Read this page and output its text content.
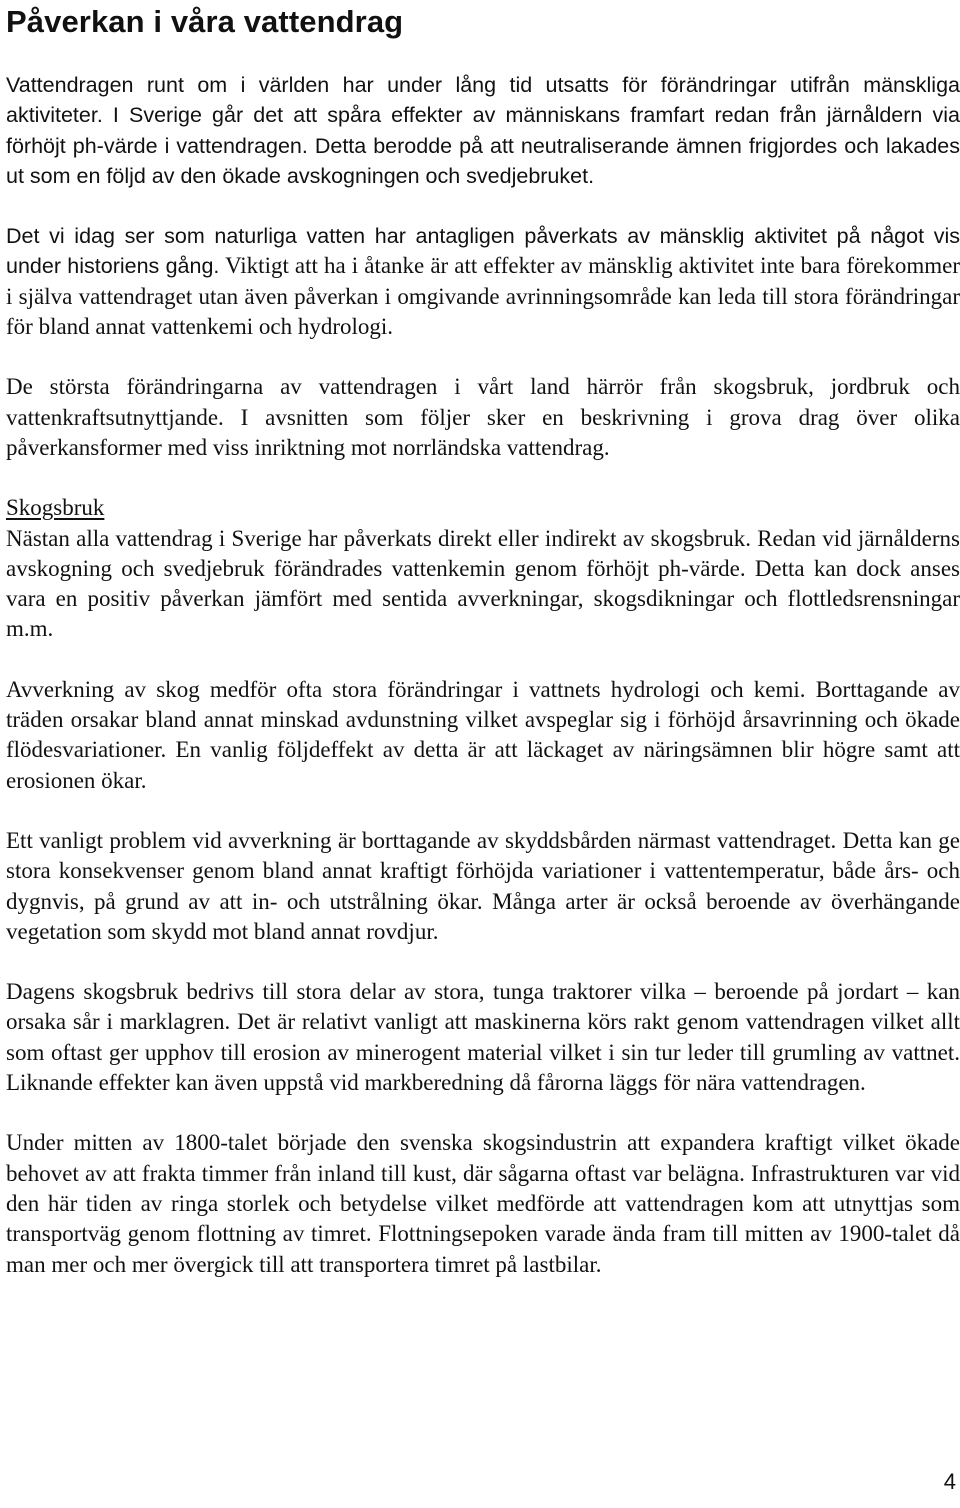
Påverkan i våra vattendrag

Vattendragen runt om i världen har under lång tid utsatts för förändringar utifrån mänskliga aktiviteter. I Sverige går det att spåra effekter av människans framfart redan från järnåldern via förhöjt ph-värde i vattendragen. Detta berodde på att neutraliserande ämnen frigjordes och lakades ut som en följd av den ökade avskogningen och svedjebruket.

Det vi idag ser som naturliga vatten har antagligen påverkats av mänsklig aktivitet på något vis under historiens gång. Viktigt att ha i åtanke är att effekter av mänsklig aktivitet inte bara förekommer i själva vattendraget utan även påverkan i omgivande avrinningsområde kan leda till stora förändringar för bland annat vattenkemi och hydrologi.

De största förändringarna av vattendragen i vårt land härrör från skogsbruk, jordbruk och vattenkraftsutnyttjande. I avsnitten som följer sker en beskrivning i grova drag över olika påverkansformer med viss inriktning mot norrländska vattendrag.

Skogsbruk

Nästan alla vattendrag i Sverige har påverkats direkt eller indirekt av skogsbruk. Redan vid järnålderns avskogning och svedjebruk förändrades vattenkemin genom förhöjt ph-värde. Detta kan dock anses vara en positiv påverkan jämfört med sentida avverkningar, skogsdikningar och flottledsrensningar m.m.

Avverkning av skog medför ofta stora förändringar i vattnets hydrologi och kemi. Borttagande av träden orsakar bland annat minskad avdunstning vilket avspeglar sig i förhöjd årsavrinning och ökade flödesvariationer. En vanlig följdeffekt av detta är att läckaget av näringsämnen blir högre samt att erosionen ökar.

Ett vanligt problem vid avverkning är borttagande av skyddsbården närmast vattendraget. Detta kan ge stora konsekvenser genom bland annat kraftigt förhöjda variationer i vattentemperatur, både års- och dygnvis, på grund av att in- och utstrålning ökar. Många arter är också beroende av överhängande vegetation som skydd mot bland annat rovdjur.

Dagens skogsbruk bedrivs till stora delar av stora, tunga traktorer vilka – beroende på jordart – kan orsaka sår i marklagren. Det är relativt vanligt att maskinerna körs rakt genom vattendragen vilket allt som oftast ger upphov till erosion av minerogent material vilket i sin tur leder till grumling av vattnet. Liknande effekter kan även uppstå vid markberedning då fårorna läggs för nära vattendragen.

Under mitten av 1800-talet började den svenska skogsindustrin att expandera kraftigt vilket ökade behovet av att frakta timmer från inland till kust, där sågarna oftast var belägna. Infrastrukturen var vid den här tiden av ringa storlek och betydelse vilket medförde att vattendragen kom att utnyttjas som transportväg genom flottning av timret. Flottningsepoken varade ända fram till mitten av 1900-talet då man mer och mer övergick till att transportera timret på lastbilar.

4
